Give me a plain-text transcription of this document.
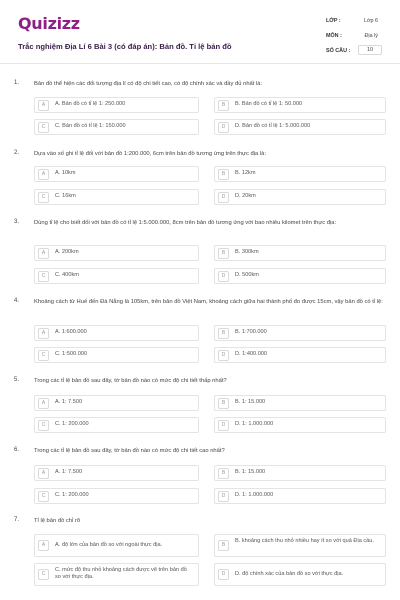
Quizizz
Trắc nghiệm Địa Lí 6 Bài 3 (có đáp án): Bản đồ. Tỉ lệ bản đồ
LỚP :	Lớp 6
MÔN :	Địa lý
SỐ CÂU :	10
1.	Bản đồ thể hiện các đối tượng địa lí có độ chi tiết cao, có độ chính xác và đầy đủ nhất là:
A	A. Bản đồ có tỉ lệ 1: 250.000	B	B. Bản đồ có tỉ lệ 1: 50.000
C	C. Bản đồ có tỉ lệ 1: 150.000	D	D. Bản đồ có tỉ lệ 1: 5.000.000
2.	Dựa vào số ghi tỉ lệ đối với bản đồ 1:200.000, 6cm trên bản đồ tương ứng trên thực địa là:
A	A. 10km	B	B. 12km
C	C. 16km	D	D. 20km
3.	Dùng tỉ lệ cho biết đối với bản đồ có tỉ lệ 1:5.000.000, 8cm trên bản đồ tương ứng với bao nhiêu kilomet trên thực địa:
A	A. 200km	B	B. 300km
C	C. 400km	D	D. 500km
4.	Khoảng cách từ Huế đến Đà Nẵng là 105km, trên bản đồ Việt Nam, khoảng cách giữa hai thành phố đo được 15cm, vậy bản đồ có tỉ lệ:
A	A. 1:600.000	B	B. 1:700.000
C	C. 1:500.000	D	D. 1:400.000
5.	Trong các tỉ lệ bản đồ sau đây, tờ bản đồ nào có mức độ chi tiết thấp nhất?
A	A. 1: 7.500	B	B. 1: 15.000
C	C. 1: 200.000	D	D. 1: 1.000.000
6.	Trong các tỉ lệ bản đồ sau đây, tờ bản đồ nào có mức độ chi tiết cao nhất?
A	A. 1: 7.500	B	B. 1: 15.000
C	C. 1: 200.000	D	D. 1: 1.000.000
7.	Tỉ lệ bản đồ chỉ rõ
A	A. độ lớn của bản đồ so với ngoài thực địa.	B
B. khoảng cách thu nhỏ nhiều hay ít so với quả Địa cầu.
C
C. mức độ thu nhỏ khoảng cách được vẽ trên bản đồ so với thực địa.	D	D. độ chính xác của bản đồ so với thực địa.
